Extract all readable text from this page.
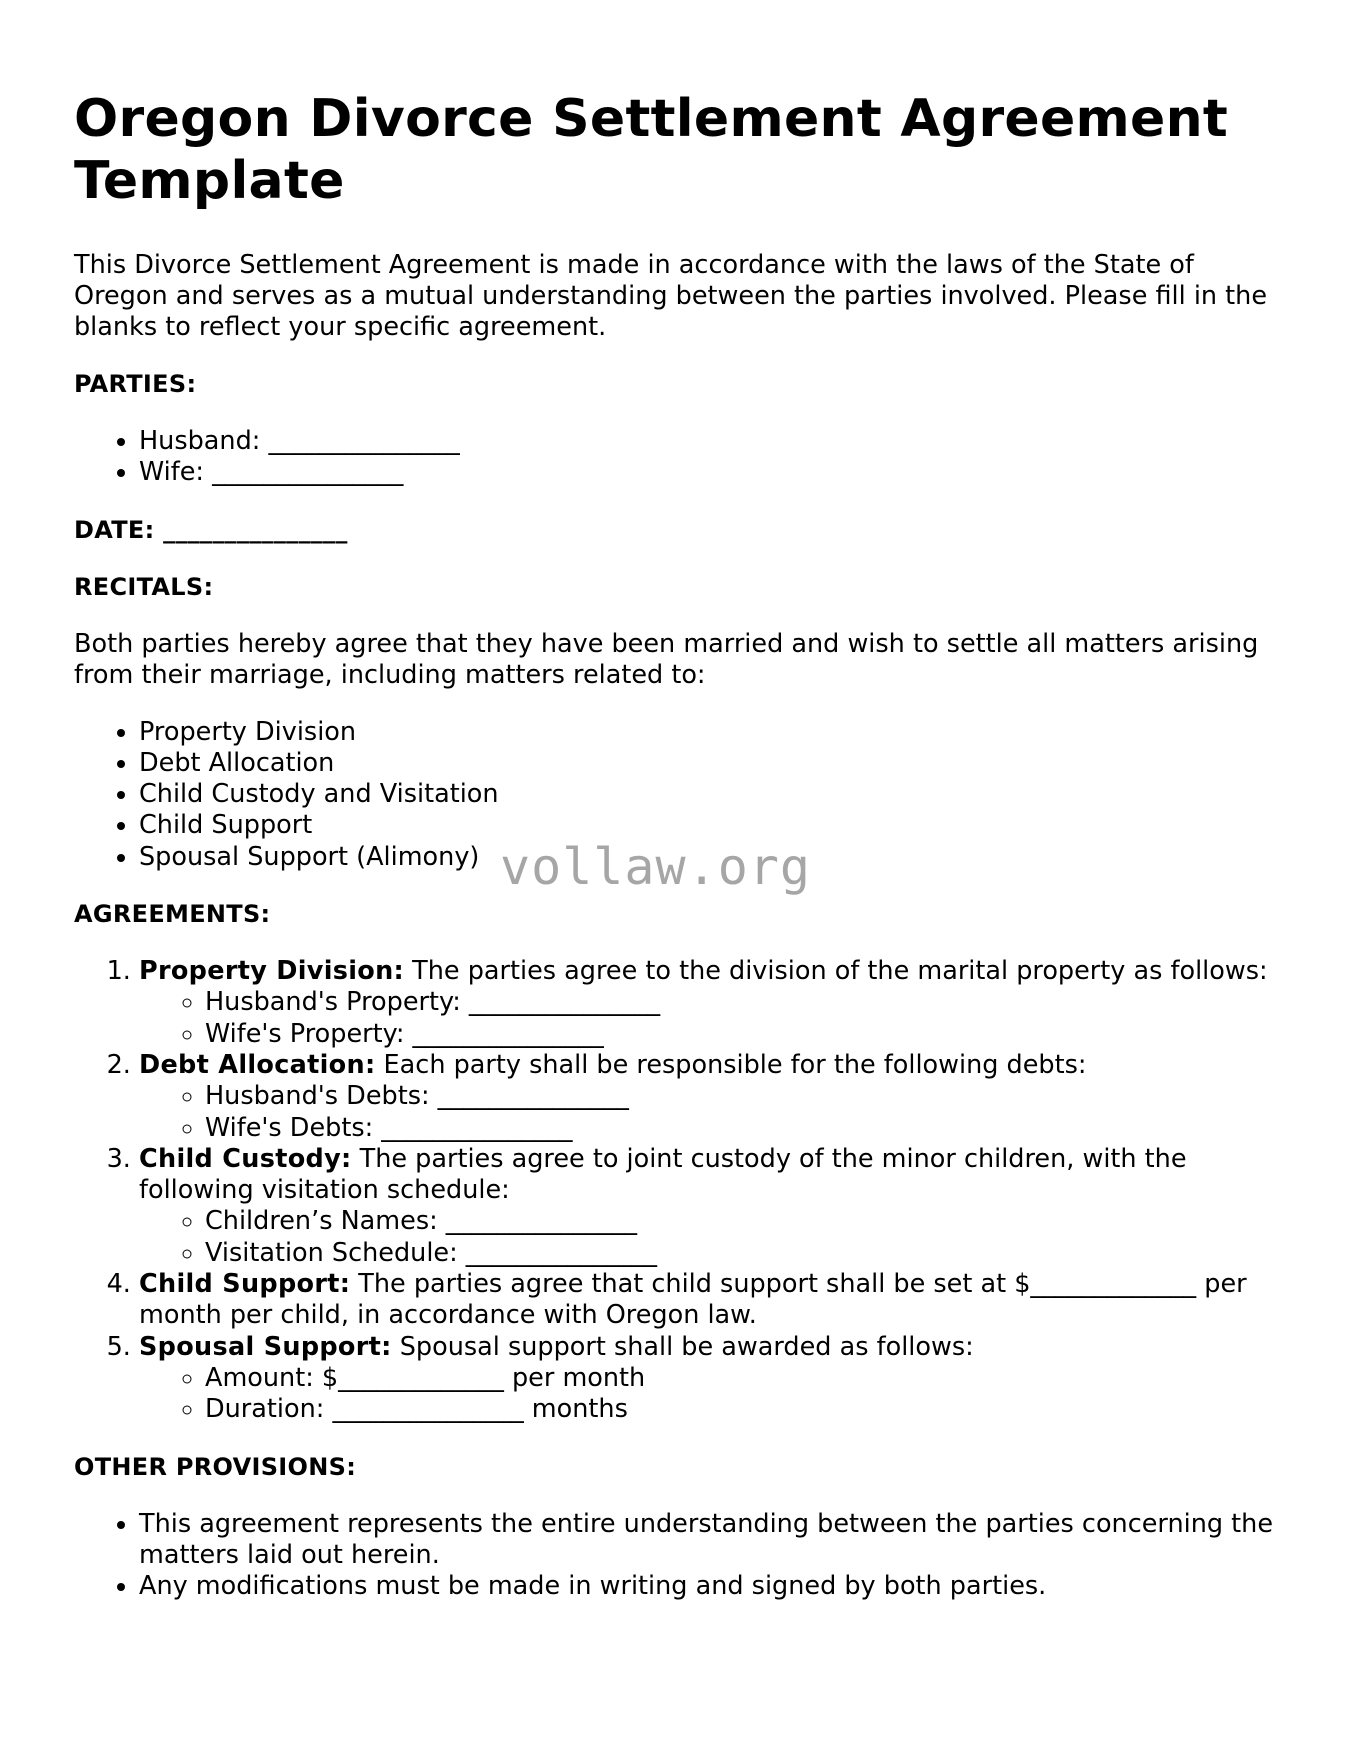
Oregon Divorce Settlement Agreement Template

This Divorce Settlement Agreement is made in accordance with the laws of the State of Oregon and serves as a mutual understanding between the parties involved. Please fill in the blanks to reflect your specific agreement.

PARTIES:
• Husband: _______________
• Wife: _______________
DATE: _______________
RECITALS:

Both parties hereby agree that they have been married and wish to settle all matters arising from their marriage, including matters related to:

• Property Division
• Debt Allocation
• Child Custody and Visitation
• Child Support
• Spousal Support (Alimony)
AGREEMENTS:
1. Property Division: The parties agree to the division of the marital property as follows:
◦ Husband's Property: _______________
◦ Wife's Property: _______________
2. Debt Allocation: Each party shall be responsible for the following debts:
◦ Husband's Debts: _______________
◦ Wife's Debts: _______________
3. Child Custody: The parties agree to joint custody of the minor children, with the following visitation schedule:
◦ Children’s Names: _______________
◦ Visitation Schedule: _______________
4. Child Support: The parties agree that child support shall be set at $_____________ per month per child, in accordance with Oregon law.
5. Spousal Support: Spousal support shall be awarded as follows:
◦ Amount: $_____________ per month
◦ Duration: _______________ months
OTHER PROVISIONS:
• This agreement represents the entire understanding between the parties concerning the matters laid out herein.
• Any modifications must be made in writing and signed by both parties.
vollaw.org
